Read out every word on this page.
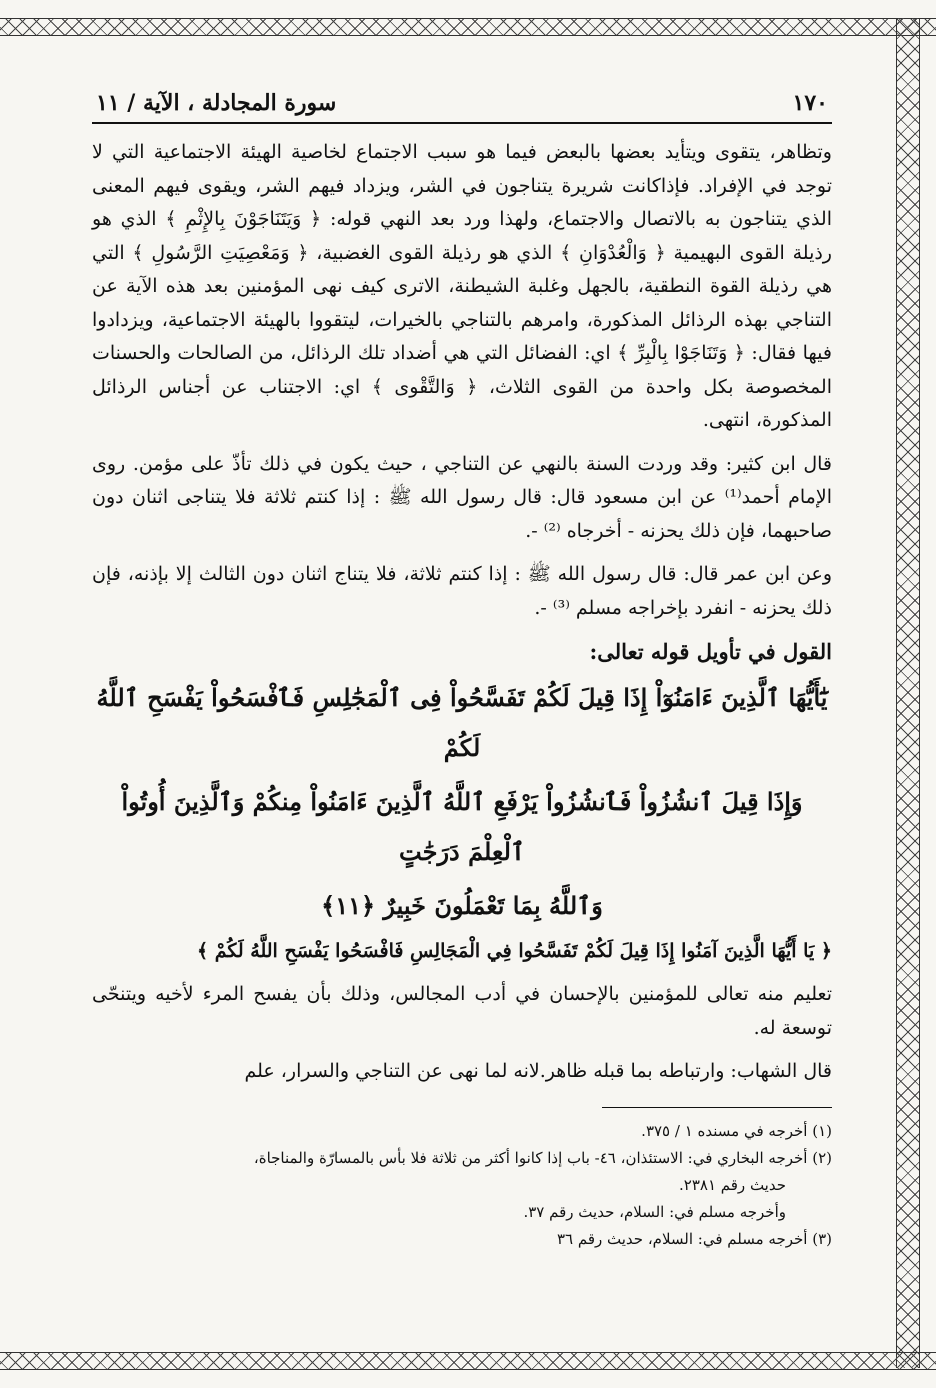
١٧٠
سورة المجادلة ، الآية / ١١

وتظاهر، يتقوى ويتأيد بعضها بالبعض فيما هو سبب الاجتماع لخاصية الهيئة الاجتماعية التي لا توجد في الإفراد. فإذاكانت شريرة يتناجون في الشر، ويزداد فيهم الشر، ويقوى فيهم المعنى الذي يتناجون به بالاتصال والاجتماع، ولهذا ورد بعد النهي قوله: ﴿ وَيَتَنَاجَوْنَ بِالإِثْمِ ﴾ الذي هو رذيلة القوى البهيمية ﴿ وَالْعُدْوَانِ ﴾ الذي هو رذيلة القوى الغضبية، ﴿ وَمَعْصِيَتِ الرَّسُولِ ﴾ التي هي رذيلة القوة النطقية، بالجهل وغلبة الشيطنة، الاترى كيف نهى المؤمنين بعد هذه الآية عن التناجي بهذه الرذائل المذكورة، وامرهم بالتناجي بالخيرات، ليتقووا بالهيئة الاجتماعية، ويزدادوا فيها فقال: ﴿ وَتَنَاجَوْا بِالْبِرِّ ﴾ اي: الفضائل التي هي أضداد تلك الرذائل، من الصالحات والحسنات المخصوصة بكل واحدة من القوى الثلاث، ﴿ وَالتَّقْوى ﴾ اي: الاجتناب عن أجناس الرذائل المذكورة، انتهى.

قال ابن كثير: وقد وردت السنة بالنهي عن التناجي ، حيث يكون في ذلك تأذّ على مؤمن. روى الإمام أحمد⁽¹⁾ عن ابن مسعود قال: قال رسول الله ﷺ : إذا كنتم ثلاثة فلا يتناجى اثنان دون صاحبهما، فإن ذلك يحزنه - أخرجاه ⁽²⁾ -.

وعن ابن عمر قال: قال رسول الله ﷺ : إذا كنتم ثلاثة، فلا يتناج اثنان دون الثالث إلا بإذنه، فإن ذلك يحزنه - انفرد بإخراجه مسلم ⁽³⁾ -.

القول في تأويل قوله تعالى:
يَٰٓأَيُّهَا ٱلَّذِينَ ءَامَنُوٓاْ إِذَا قِيلَ لَكُمْ تَفَسَّحُواْ فِى ٱلْمَجَٰلِسِ فَٱفْسَحُواْ يَفْسَحِ ٱللَّهُ لَكُمْ
وَإِذَا قِيلَ ٱنشُزُواْ فَٱنشُزُواْ يَرْفَعِ ٱللَّهُ ٱلَّذِينَ ءَامَنُواْ مِنكُمْ وَٱلَّذِينَ أُوتُواْ ٱلْعِلْمَ دَرَجَٰتٍ
وَٱللَّهُ بِمَا تَعْمَلُونَ خَبِيرٌ ﴿١١﴾

﴿ يَا أَيُّهَا الَّذِينَ آمَنُوا إِذَا قِيلَ لَكُمْ تَفَسَّحُوا فِي الْمَجَالِسِ فَافْسَحُوا يَفْسَحِ اللَّهُ لَكُمْ ﴾

تعليم منه تعالى للمؤمنين بالإحسان في أدب المجالس، وذلك بأن يفسح المرء لأخيه ويتنحّى توسعة له.

قال الشهاب: وارتباطه بما قبله ظاهر.لانه لما نهى عن التناجي والسرار، علم

(١) أخرجه في مسنده ١ / ٣٧٥.
(٢) أخرجه البخاري في: الاستئذان، ٤٦- باب إذا كانوا أكثر من ثلاثة فلا بأس بالمسارّة والمناجاة،
حديث رقم ٢٣٨١.
وأخرجه مسلم في: السلام، حديث رقم ٣٧.
(٣) أخرجه مسلم في: السلام، حديث رقم ٣٦
